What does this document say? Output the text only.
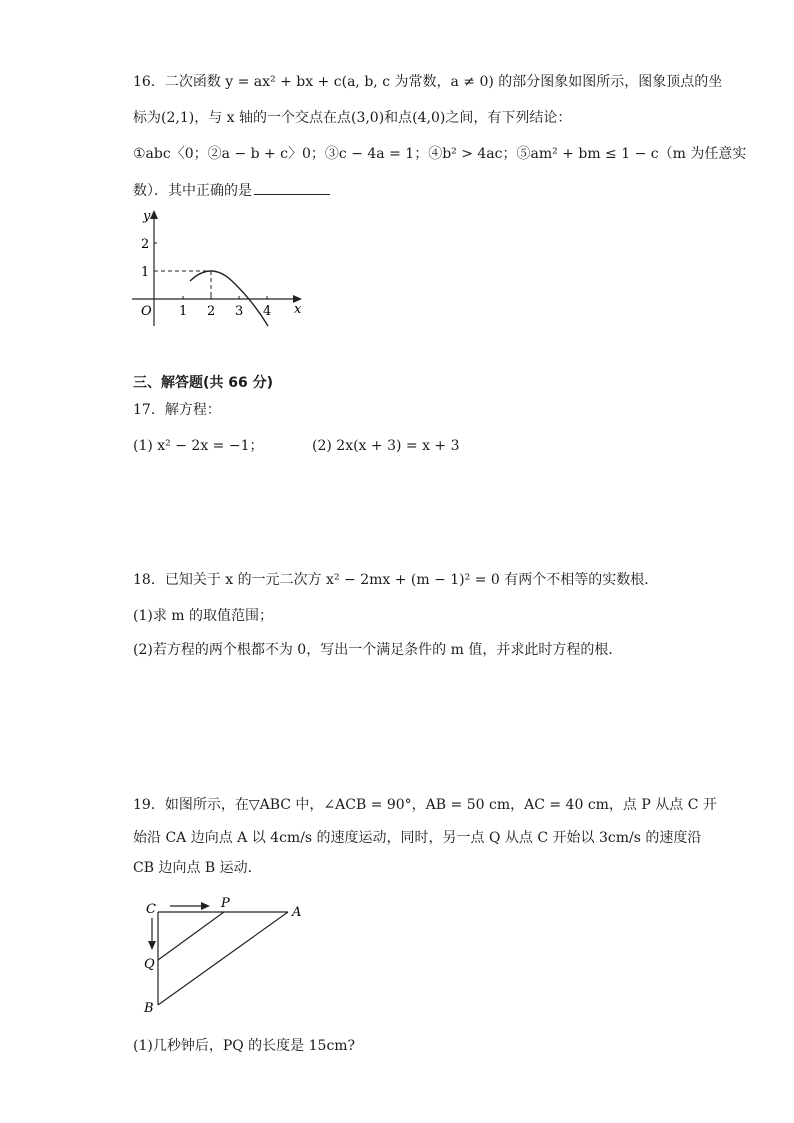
16．二次函数 y = ax² + bx + c(a, b, c 为常数，a ≠ 0) 的部分图象如图所示，图象顶点的坐
标为(2,1)，与 x 轴的一个交点在点(3,0)和点(4,0)之间，有下列结论：
①abc〈0；②a − b + c〉0；③c − 4a = 1；④b² > 4ac；⑤am² + bm ≤ 1 − c（m 为任意实
数）．其中正确的是
y
x
O 1 2 3 4
1
2
三、解答题(共 66 分)
17．解方程：
(1) x² − 2x = −1；	(2) 2x(x + 3) = x + 3
18．已知关于 x 的一元二次方 x² − 2mx + (m − 1)² = 0 有两个不相等的实数根．
(1)求 m 的取值范围；
(2)若方程的两个根都不为 0，写出一个满足条件的 m 值，并求此时方程的根．
19．如图所示，在▽ABC 中，∠ACB = 90°，AB = 50 cm，AC = 40 cm，点 P 从点 C 开
始沿 CA 边向点 A 以 4cm/s 的速度运动，同时，另一点 Q 从点 C 开始以 3cm/s 的速度沿
CB 边向点 B 运动．
C	P
A
Q
B
(1)几秒钟后，PQ 的长度是 15cm?
